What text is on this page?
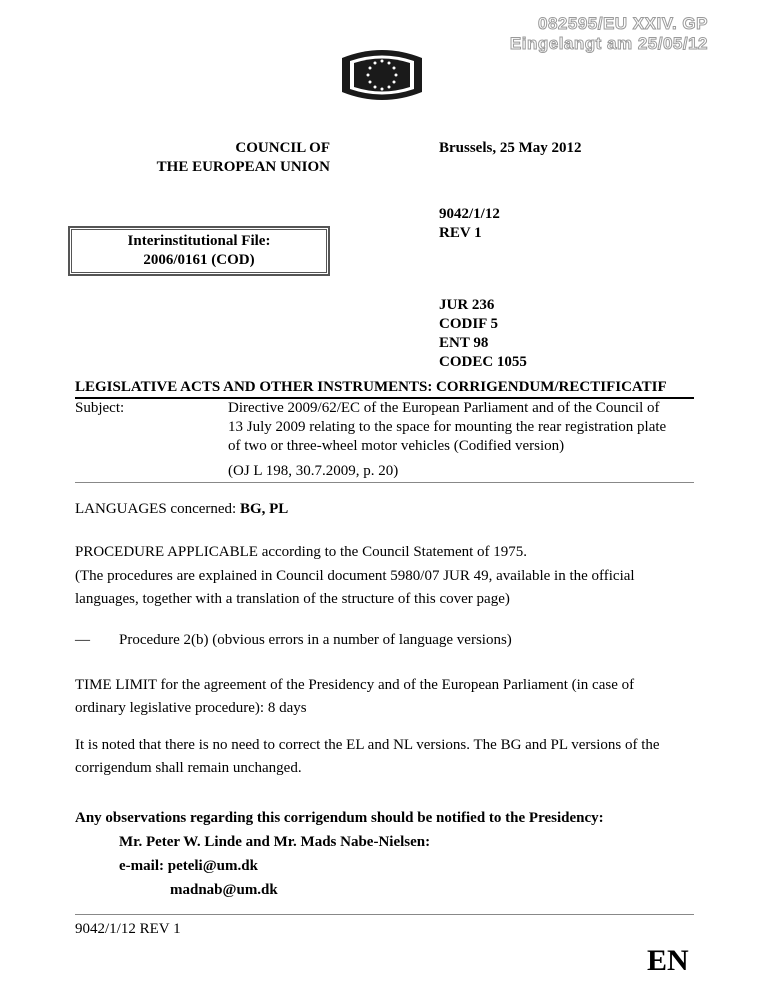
082595/EU XXIV. GP
Eingelangt am 25/05/12
COUNCIL OF
THE EUROPEAN UNION
Brussels, 25 May 2012
9042/1/12
REV 1
Interinstitutional File:
2006/0161 (COD)
JUR 236
CODIF 5
ENT 98
CODEC 1055
LEGISLATIVE ACTS AND OTHER INSTRUMENTS: CORRIGENDUM/RECTIFICATIF
Subject:	Directive 2009/62/EC of the European Parliament and of the Council of
13 July 2009 relating to the space for mounting the rear registration plate
of two or three-wheel motor vehicles (Codified version)
(OJ L 198, 30.7.2009, p. 20)
LANGUAGES concerned: BG, PL
PROCEDURE APPLICABLE according to the Council Statement of 1975.
(The procedures are explained in Council document 5980/07 JUR 49, available in the official
languages, together with a translation of the structure of this cover page)
— Procedure 2(b) (obvious errors in a number of language versions)
TIME LIMIT for the agreement of the Presidency and of the European Parliament (in case of
ordinary legislative procedure): 8 days
It is noted that there is no need to correct the EL and NL versions. The BG and PL versions of the
corrigendum shall remain unchanged.
Any observations regarding this corrigendum should be notified to the Presidency:
Mr. Peter W. Linde and Mr. Mads Nabe-Nielsen:
e-mail: peteli@um.dk
madnab@um.dk
9042/1/12 REV 1
EN
